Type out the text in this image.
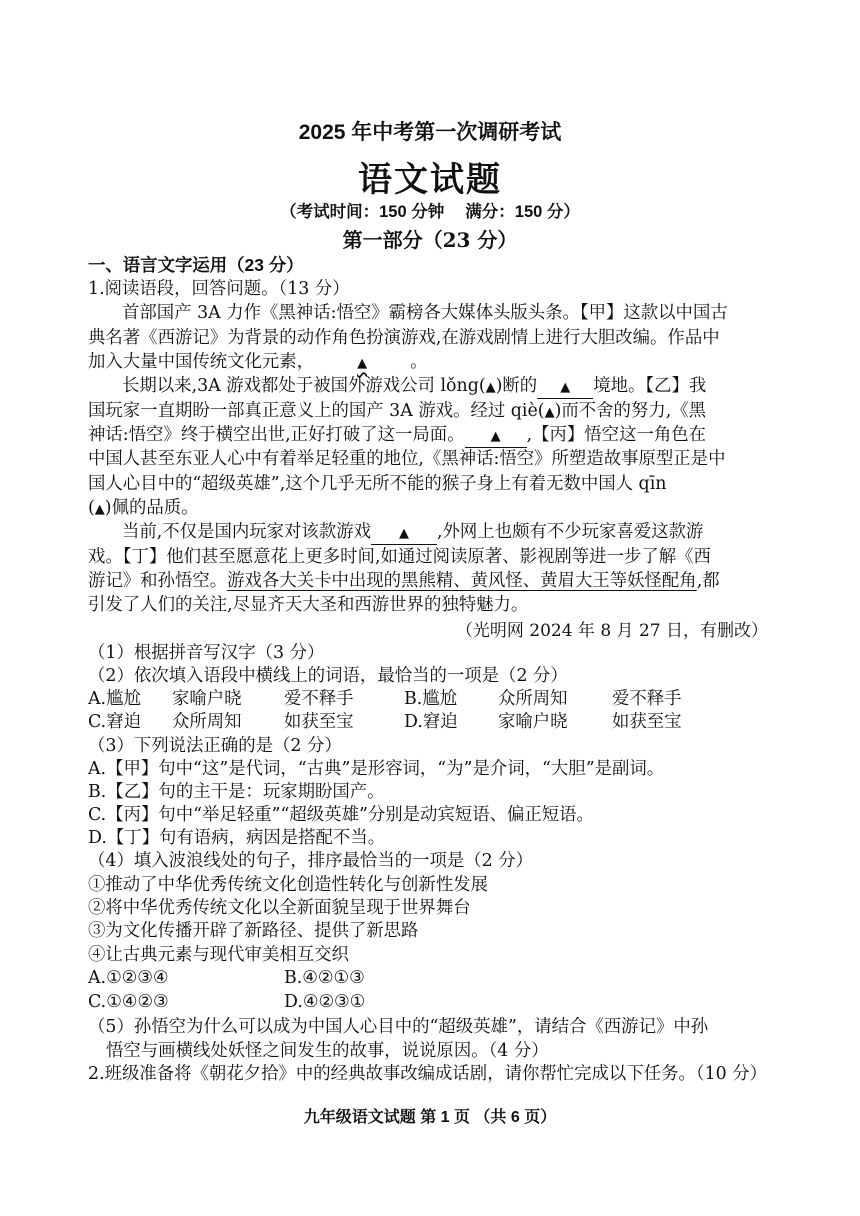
2025 年中考第一次调研考试
语文试题
（考试时间：150 分钟　 满分：150 分）
第一部分（23 分）
一、语言文字运用（23 分）
1.阅读语段，回答问题。（13 分）
首部国产 3A 力作《黑神话:悟空》霸榜各大媒体头版头条。【甲】这款以中国古
典名著《西游记》为背景的动作角色扮演游戏,在游戏剧情上进行大胆改编。作品中
加入大量中国传统文化元素，	▲ 。
长期以来,3A 游戏都处于被国外游戏公司 lǒng(▲)断的 ▲ 境地。【乙】我
国玩家一直期盼一部真正意义上的国产 3A 游戏。经过 qiè(▲)而不舍的努力,《黑
神话:悟空》终于横空出世,正好打破了这一局面。 ▲ ,【丙】悟空这一角色在
中国人甚至东亚人心中有着举足轻重的地位,《黑神话:悟空》所塑造故事原型正是中
国人心目中的“超级英雄”,这个几乎无所不能的猴子身上有着无数中国人 qīn
(▲)佩的品质。
当前,不仅是国内玩家对该款游戏 ▲ ,外网上也颇有不少玩家喜爱这款游
戏。【丁】他们甚至愿意花上更多时间,如通过阅读原著、影视剧等进一步了解《西
游记》和孙悟空。游戏各大关卡中出现的黑熊精、黄风怪、黄眉大王等妖怪配角,都
引发了人们的关注,尽显齐天大圣和西游世界的独特魅力。
（光明网 2024 年 8 月 27 日，有删改）
（1）根据拼音写汉字（3 分）
（2）依次填入语段中横线上的词语，最恰当的一项是（2 分）
A.尴尬 家喻户晓 爱不释手	B.尴尬 众所周知	爱不释手
C.窘迫 众所周知 如获至宝	D.窘迫 家喻户晓	如获至宝
（3）下列说法正确的是（2 分）
A.【甲】句中“这”是代词，“古典”是形容词，“为”是介词，“大胆”是副词。
B.【乙】句的主干是：玩家期盼国产。
C.【丙】句中“举足轻重”“超级英雄”分别是动宾短语、偏正短语。
D.【丁】句有语病，病因是搭配不当。
（4）填入波浪线处的句子，排序最恰当的一项是（2 分）
①推动了中华优秀传统文化创造性转化与创新性发展
②将中华优秀传统文化以全新面貌呈现于世界舞台
③为文化传播开辟了新路径、提供了新思路
④让古典元素与现代审美相互交织
A.①②③④	B.④②①③
C.①④②③	D.④②③①
（5）孙悟空为什么可以成为中国人心目中的“超级英雄”，请结合《西游记》中孙
悟空与画横线处妖怪之间发生的故事，说说原因。（4 分）
2.班级准备将《朝花夕拾》中的经典故事改编成话剧，请你帮忙完成以下任务。（10 分）
九年级语文试题 第 1 页 （共 6 页）
